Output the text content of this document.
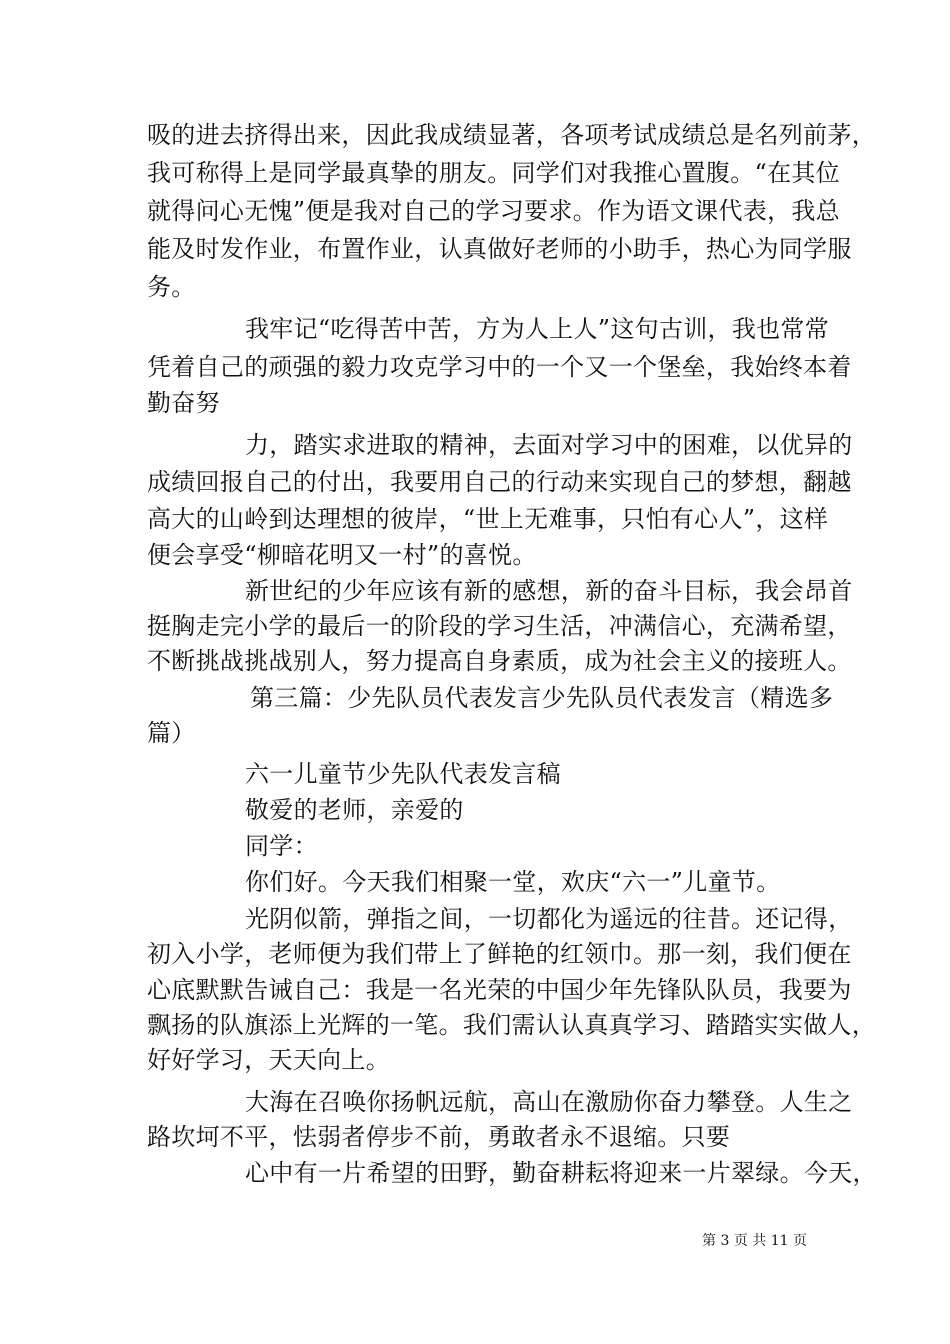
吸的进去挤得出来，因此我成绩显著，各项考试成绩总是名列前茅，
我可称得上是同学最真挚的朋友。同学们对我推心置腹。“在其位
就得问心无愧”便是我对自己的学习要求。作为语文课代表，我总
能及时发作业，布置作业，认真做好老师的小助手，热心为同学服
务。
我牢记“吃得苦中苦，方为人上人”这句古训，我也常常
凭着自己的顽强的毅力攻克学习中的一个又一个堡垒，我始终本着
勤奋努
力，踏实求进取的精神，去面对学习中的困难，以优异的
成绩回报自己的付出，我要用自己的行动来实现自己的梦想，翻越
高大的山岭到达理想的彼岸，“世上无难事，只怕有心人”，这样
便会享受“柳暗花明又一村”的喜悦。
新世纪的少年应该有新的感想，新的奋斗目标，我会昂首
挺胸走完小学的最后一的阶段的学习生活，冲满信心，充满希望，
不断挑战挑战别人，努力提高自身素质，成为社会主义的接班人。
第三篇：少先队员代表发言少先队员代表发言（精选多
篇）
六一儿童节少先队代表发言稿
敬爱的老师，亲爱的
同学：
你们好。今天我们相聚一堂，欢庆“六一”儿童节。
光阴似箭，弹指之间，一切都化为遥远的往昔。还记得，
初入小学，老师便为我们带上了鲜艳的红领巾。那一刻，我们便在
心底默默告诫自己：我是一名光荣的中国少年先锋队队员，我要为
飘扬的队旗添上光辉的一笔。我们需认认真真学习、踏踏实实做人，
好好学习，天天向上。
大海在召唤你扬帆远航，高山在激励你奋力攀登。人生之
路坎坷不平，怯弱者停步不前，勇敢者永不退缩。只要
心中有一片希望的田野，勤奋耕耘将迎来一片翠绿。今天，
第 3 页 共 11 页
